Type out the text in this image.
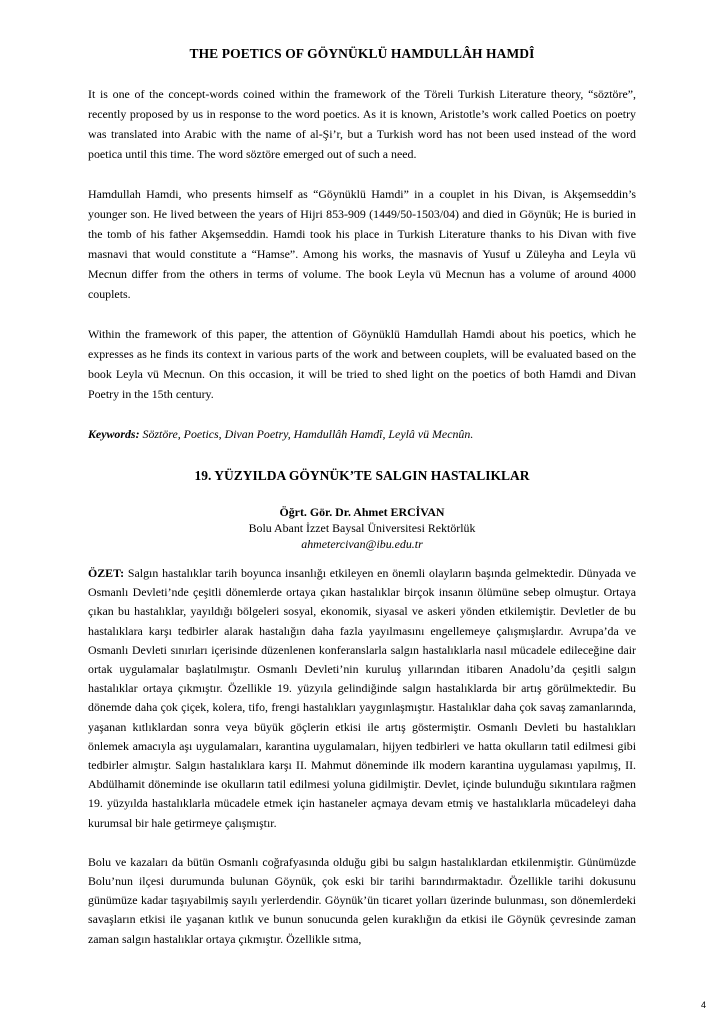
THE POETICS OF GÖYNÜKLÜ HAMDULLÂH HAMDÎ

It is one of the concept-words coined within the framework of the Töreli Turkish Literature theory, “söztöre”, recently proposed by us in response to the word poetics. As it is known, Aristotle’s work called Poetics on poetry was translated into Arabic with the name of al-Şi’r, but a Turkish word has not been used instead of the word poetica until this time. The word söztöre emerged out of such a need.

Hamdullah Hamdi, who presents himself as “Göynüklü Hamdi” in a couplet in his Divan, is Akşemseddin’s younger son. He lived between the years of Hijri 853-909 (1449/50-1503/04) and died in Göynük; He is buried in the tomb of his father Akşemseddin. Hamdi took his place in Turkish Literature thanks to his Divan with five masnavi that would constitute a “Hamse”. Among his works, the masnavis of Yusuf u Züleyha and Leyla vü Mecnun differ from the others in terms of volume. The book Leyla vü Mecnun has a volume of around 4000 couplets.

Within the framework of this paper, the attention of Göynüklü Hamdullah Hamdi about his poetics, which he expresses as he finds its context in various parts of the work and between couplets, will be evaluated based on the book Leyla vü Mecnun. On this occasion, it will be tried to shed light on the poetics of both Hamdi and Divan Poetry in the 15th century.

Keywords: Söztöre, Poetics, Divan Poetry, Hamdullâh Hamdî, Leylâ vü Mecnûn.

19. YÜZYILDA GÖYNÜK’TE SALGIN HASTALIKLAR
Öğrt. Gör. Dr. Ahmet ERCİVAN
Bolu Abant İzzet Baysal Üniversitesi Rektörlük
ahmetercivan@ibu.edu.tr

ÖZET: Salgın hastalıklar tarih boyunca insanlığı etkileyen en önemli olayların başında gelmektedir. Dünyada ve Osmanlı Devleti’nde çeşitli dönemlerde ortaya çıkan hastalıklar birçok insanın ölümüne sebep olmuştur. Ortaya çıkan bu hastalıklar, yayıldığı bölgeleri sosyal, ekonomik, siyasal ve askeri yönden etkilemiştir. Devletler de bu hastalıklara karşı tedbirler alarak hastalığın daha fazla yayılmasını engellemeye çalışmışlardır. Avrupa’da ve Osmanlı Devleti sınırları içerisinde düzenlenen konferanslarla salgın hastalıklarla nasıl mücadele edileceğine dair ortak uygulamalar başlatılmıştır. Osmanlı Devleti’nin kuruluş yıllarından itibaren Anadolu’da çeşitli salgın hastalıklar ortaya çıkmıştır. Özellikle 19. yüzyıla gelindiğinde salgın hastalıklarda bir artış görülmektedir. Bu dönemde daha çok çiçek, kolera, tifo, frengi hastalıkları yaygınlaşmıştır. Hastalıklar daha çok savaş zamanlarında, yaşanan kıtlıklardan sonra veya büyük göçlerin etkisi ile artış göstermiştir. Osmanlı Devleti bu hastalıkları önlemek amacıyla aşı uygulamaları, karantina uygulamaları, hijyen tedbirleri ve hatta okulların tatil edilmesi gibi tedbirler almıştır. Salgın hastalıklara karşı II. Mahmut döneminde ilk modern karantina uygulaması yapılmış, II. Abdülhamit döneminde ise okulların tatil edilmesi yoluna gidilmiştir. Devlet, içinde bulunduğu sıkıntılara rağmen 19. yüzyılda hastalıklarla mücadele etmek için hastaneler açmaya devam etmiş ve hastalıklarla mücadeleyi daha kurumsal bir hale getirmeye çalışmıştır.

Bolu ve kazaları da bütün Osmanlı coğrafyasında olduğu gibi bu salgın hastalıklardan etkilenmiştir. Günümüzde Bolu’nun ilçesi durumunda bulunan Göynük, çok eski bir tarihi barındırmaktadır. Özellikle tarihi dokusunu günümüze kadar taşıyabilmiş sayılı yerlerdendir. Göynük’ün ticaret yolları üzerinde bulunması, son dönemlerdeki savaşların etkisi ile yaşanan kıtlık ve bunun sonucunda gelen kuraklığın da etkisi ile Göynük çevresinde zaman zaman salgın hastalıklar ortaya çıkmıştır. Özellikle sıtma,

4
